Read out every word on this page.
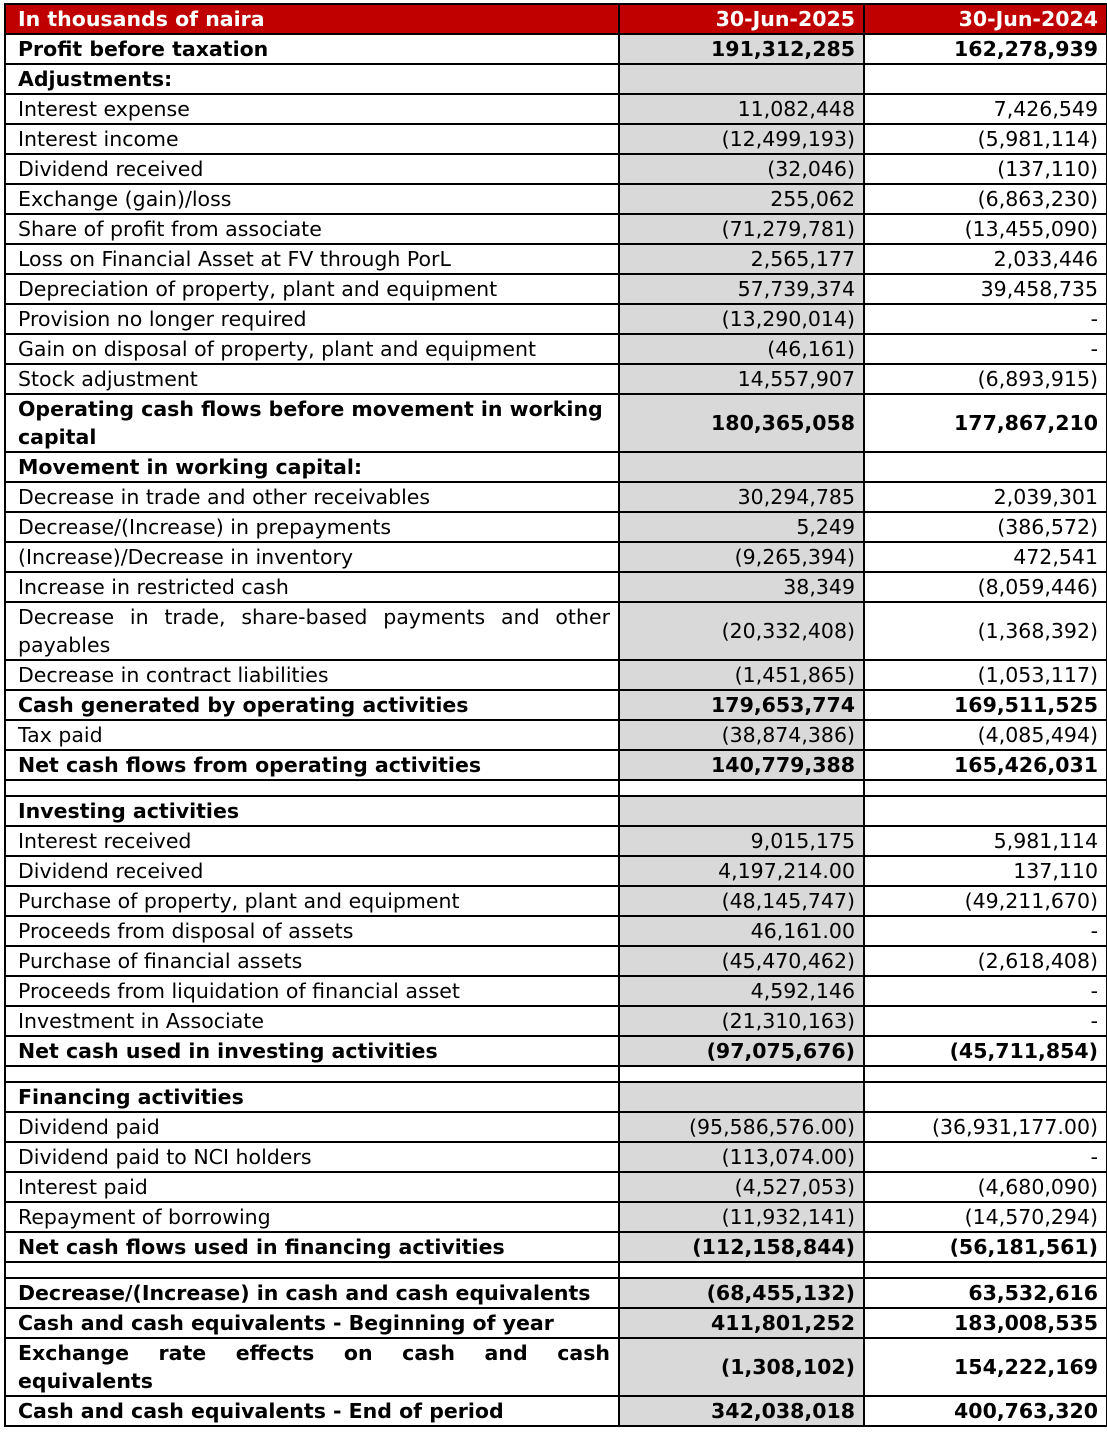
In thousands of naira	30-Jun-2025	30-Jun-2024
Profit before taxation	191,312,285	162,278,939
Adjustments:		
Interest expense	11,082,448	7,426,549
Interest income	(12,499,193)	(5,981,114)
Dividend received	(32,046)	(137,110)
Exchange (gain)/loss	255,062	(6,863,230)
Share of profit from associate	(71,279,781)	(13,455,090)
Loss on Financial Asset at FV through PorL	2,565,177	2,033,446
Depreciation of property, plant and equipment	57,739,374	39,458,735
Provision no longer required	(13,290,014)	-
Gain on disposal of property, plant and equipment	(46,161)	-
Stock adjustment	14,557,907	(6,893,915)
Operating cash flows before movement in working capital	180,365,058	177,867,210
Movement in working capital:		
Decrease in trade and other receivables	30,294,785	2,039,301
Decrease/(Increase) in prepayments	5,249	(386,572)
(Increase)/Decrease in inventory	(9,265,394)	472,541
Increase in restricted cash	38,349	(8,059,446)
Decrease in trade, share-based payments and other payables	(20,332,408)	(1,368,392)
Decrease in contract liabilities	(1,451,865)	(1,053,117)
Cash generated by operating activities	179,653,774	169,511,525
Tax paid	(38,874,386)	(4,085,494)
Net cash flows from operating activities	140,779,388	165,426,031

Investing activities		
Interest received	9,015,175	5,981,114
Dividend received	4,197,214.00	137,110
Purchase of property, plant and equipment	(48,145,747)	(49,211,670)
Proceeds from disposal of assets	46,161.00	-
Purchase of financial assets	(45,470,462)	(2,618,408)
Proceeds from liquidation of financial asset	4,592,146	-
Investment in Associate	(21,310,163)	-
Net cash used in investing activities	(97,075,676)	(45,711,854)

Financing activities		
Dividend paid	(95,586,576.00)	(36,931,177.00)
Dividend paid to NCI holders	(113,074.00)	-
Interest paid	(4,527,053)	(4,680,090)
Repayment of borrowing	(11,932,141)	(14,570,294)
Net cash flows used in financing activities	(112,158,844)	(56,181,561)

Decrease/(Increase) in cash and cash equivalents	(68,455,132)	63,532,616
Cash and cash equivalents - Beginning of year	411,801,252	183,008,535
Exchange rate effects on cash and cash equivalents	(1,308,102)	154,222,169
Cash and cash equivalents - End of period	342,038,018	400,763,320
